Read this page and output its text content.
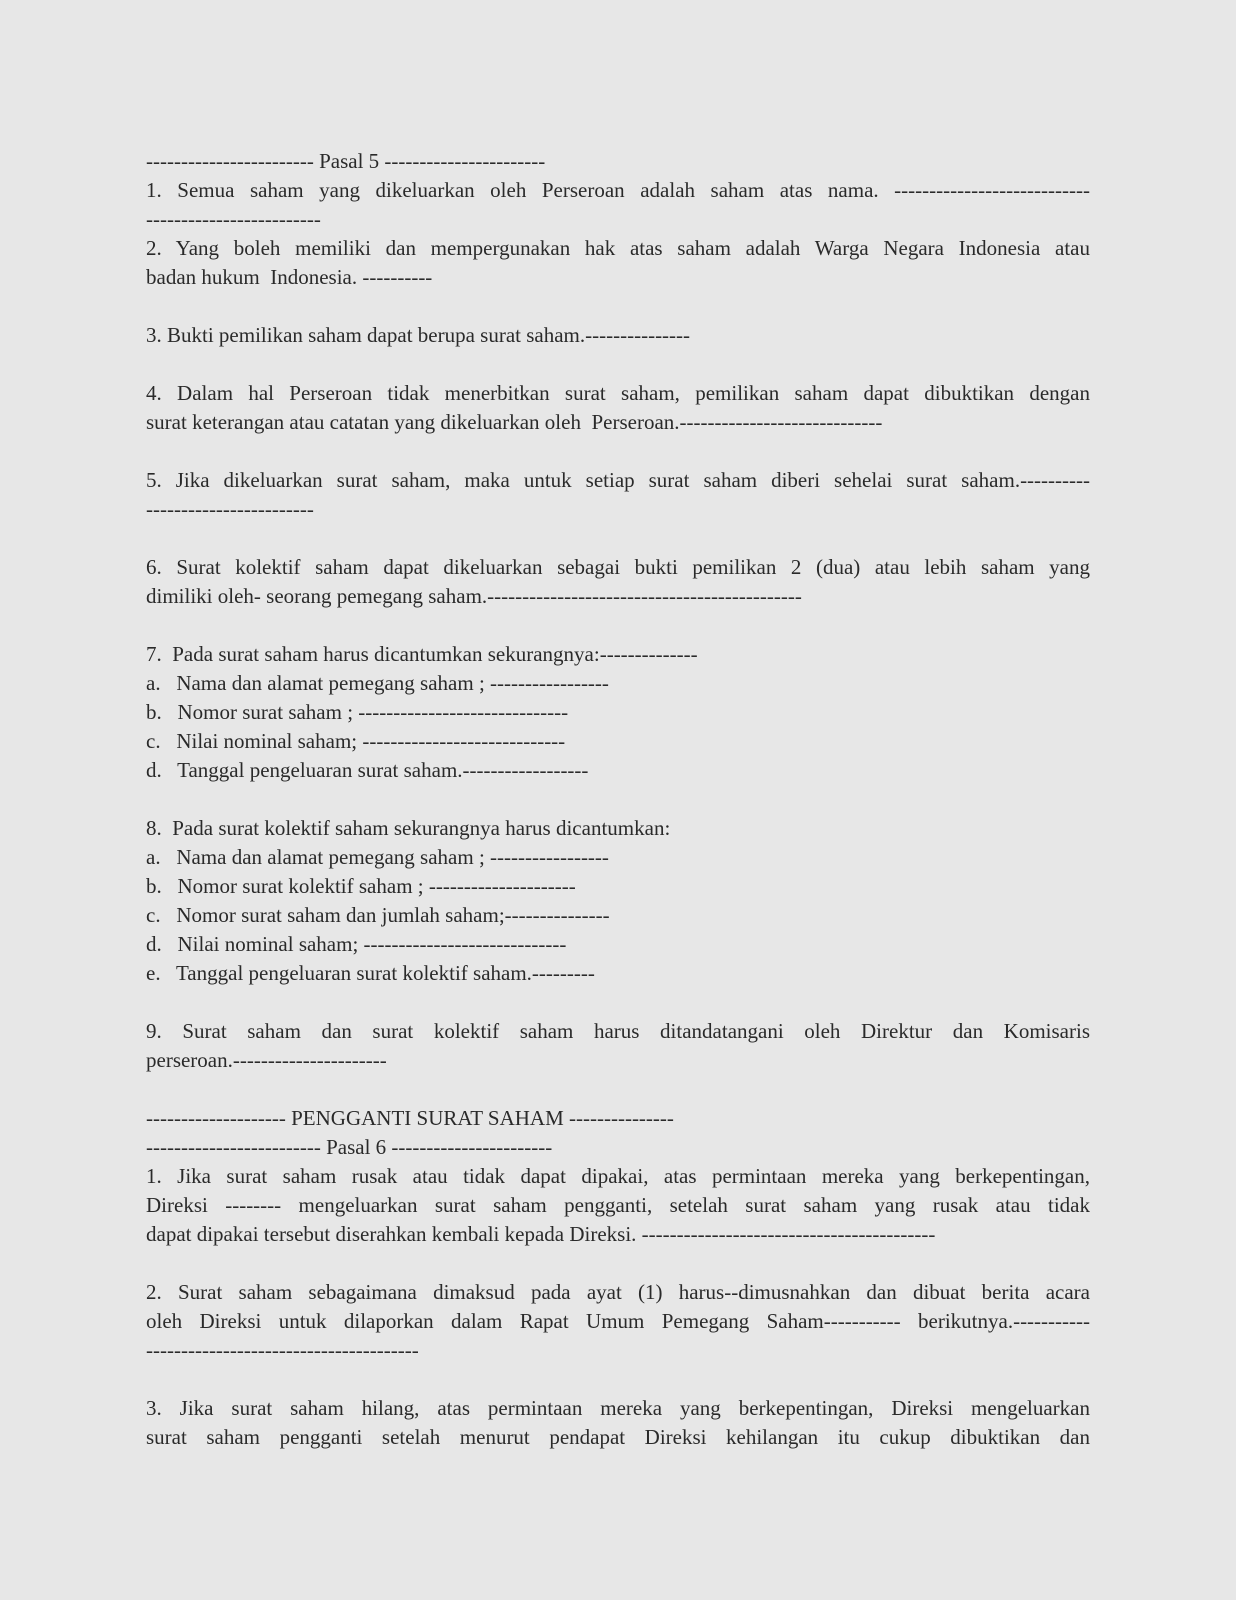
------------------------ Pasal 5 -----------------------
1. Semua saham yang dikeluarkan oleh Perseroan adalah saham atas nama. ----------------------------
-------------------------
2. Yang boleh memiliki dan mempergunakan hak atas saham adalah Warga Negara Indonesia atau
badan hukum  Indonesia. ----------
3. Bukti pemilikan saham dapat berupa surat saham.---------------
4. Dalam hal Perseroan tidak menerbitkan surat saham, pemilikan saham dapat dibuktikan dengan
surat keterangan atau catatan yang dikeluarkan oleh  Perseroan.-----------------------------
5. Jika dikeluarkan surat saham, maka untuk setiap surat saham diberi sehelai surat saham.----------
------------------------
6. Surat kolektif saham dapat dikeluarkan sebagai bukti pemilikan 2 (dua) atau lebih saham yang
dimiliki oleh- seorang pemegang saham.---------------------------------------------
7.  Pada surat saham harus dicantumkan sekurangnya:--------------
a.   Nama dan alamat pemegang saham ; -----------------
b.   Nomor surat saham ; ------------------------------
c.   Nilai nominal saham; -----------------------------
d.   Tanggal pengeluaran surat saham.------------------
8.  Pada surat kolektif saham sekurangnya harus dicantumkan:
a.   Nama dan alamat pemegang saham ; -----------------
b.   Nomor surat kolektif saham ; ---------------------
c.   Nomor surat saham dan jumlah saham;---------------
d.   Nilai nominal saham; -----------------------------
e.   Tanggal pengeluaran surat kolektif saham.---------
9. Surat saham dan surat kolektif saham harus ditandatangani oleh Direktur dan Komisaris
perseroan.----------------------
-------------------- PENGGANTI SURAT SAHAM ---------------
------------------------- Pasal 6 -----------------------
1. Jika surat saham rusak atau tidak dapat dipakai, atas permintaan mereka yang berkepentingan,
Direksi -------- mengeluarkan surat saham pengganti, setelah surat saham yang rusak atau tidak
dapat dipakai tersebut diserahkan kembali kepada Direksi. ------------------------------------------
2. Surat saham sebagaimana dimaksud pada ayat (1) harus--dimusnahkan dan dibuat berita acara
oleh Direksi untuk dilaporkan dalam Rapat Umum Pemegang Saham----------- berikutnya.-----------
---------------------------------------
3. Jika surat saham hilang, atas permintaan mereka yang berkepentingan, Direksi mengeluarkan
surat saham pengganti setelah menurut pendapat Direksi kehilangan itu cukup dibuktikan dan
